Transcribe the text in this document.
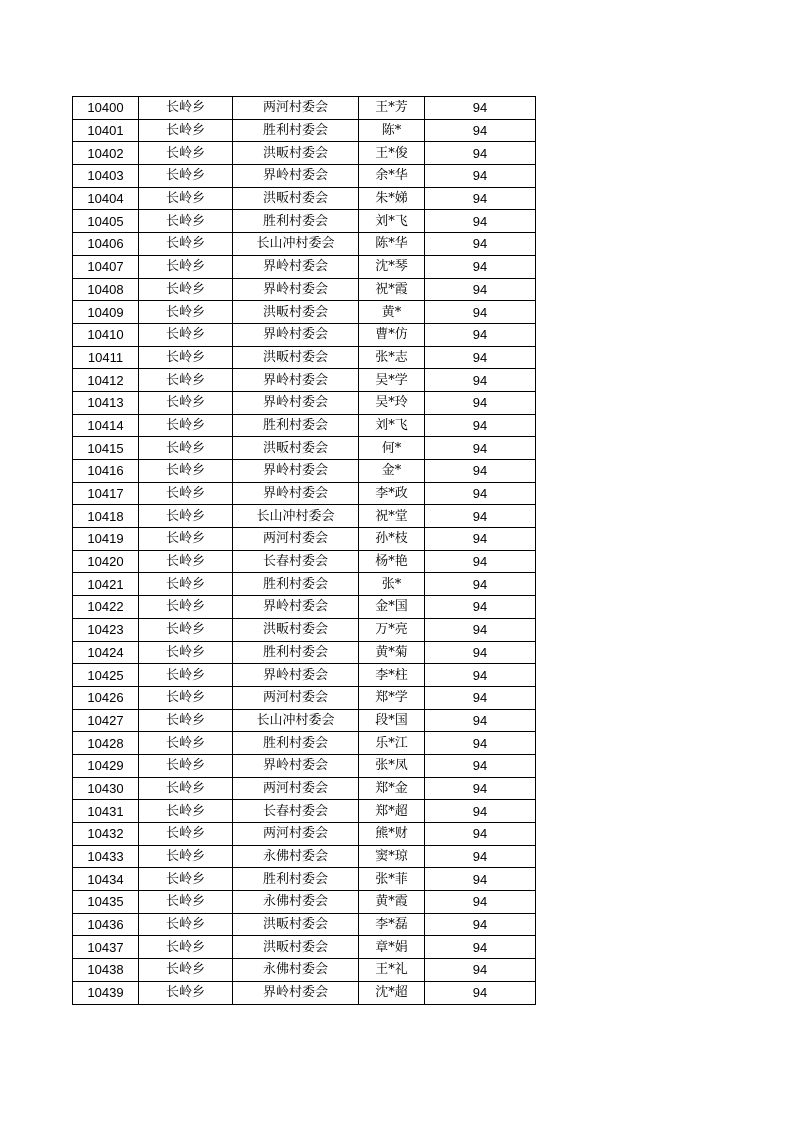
10400	长岭乡	两河村委会	王*芳	94
10401	长岭乡	胜利村委会	陈*	94
10402	长岭乡	洪畈村委会	王*俊	94
10403	长岭乡	界岭村委会	余*华	94
10404	长岭乡	洪畈村委会	朱*娣	94
10405	长岭乡	胜利村委会	刘*飞	94
10406	长岭乡	长山冲村委会	陈*华	94
10407	长岭乡	界岭村委会	沈*琴	94
10408	长岭乡	界岭村委会	祝*霞	94
10409	长岭乡	洪畈村委会	黄*	94
10410	长岭乡	界岭村委会	曹*仿	94
10411	长岭乡	洪畈村委会	张*志	94
10412	长岭乡	界岭村委会	吴*学	94
10413	长岭乡	界岭村委会	吴*玲	94
10414	长岭乡	胜利村委会	刘*飞	94
10415	长岭乡	洪畈村委会	何*	94
10416	长岭乡	界岭村委会	金*	94
10417	长岭乡	界岭村委会	李*政	94
10418	长岭乡	长山冲村委会	祝*堂	94
10419	长岭乡	两河村委会	孙*枝	94
10420	长岭乡	长春村委会	杨*艳	94
10421	长岭乡	胜利村委会	张*	94
10422	长岭乡	界岭村委会	金*国	94
10423	长岭乡	洪畈村委会	万*亮	94
10424	长岭乡	胜利村委会	黄*菊	94
10425	长岭乡	界岭村委会	李*柱	94
10426	长岭乡	两河村委会	郑*学	94
10427	长岭乡	长山冲村委会	段*国	94
10428	长岭乡	胜利村委会	乐*江	94
10429	长岭乡	界岭村委会	张*凤	94
10430	长岭乡	两河村委会	郑*金	94
10431	长岭乡	长春村委会	郑*超	94
10432	长岭乡	两河村委会	熊*财	94
10433	长岭乡	永佛村委会	窦*琼	94
10434	长岭乡	胜利村委会	张*菲	94
10435	长岭乡	永佛村委会	黄*霞	94
10436	长岭乡	洪畈村委会	李*磊	94
10437	长岭乡	洪畈村委会	章*娟	94
10438	长岭乡	永佛村委会	王*礼	94
10439	长岭乡	界岭村委会	沈*超	94
